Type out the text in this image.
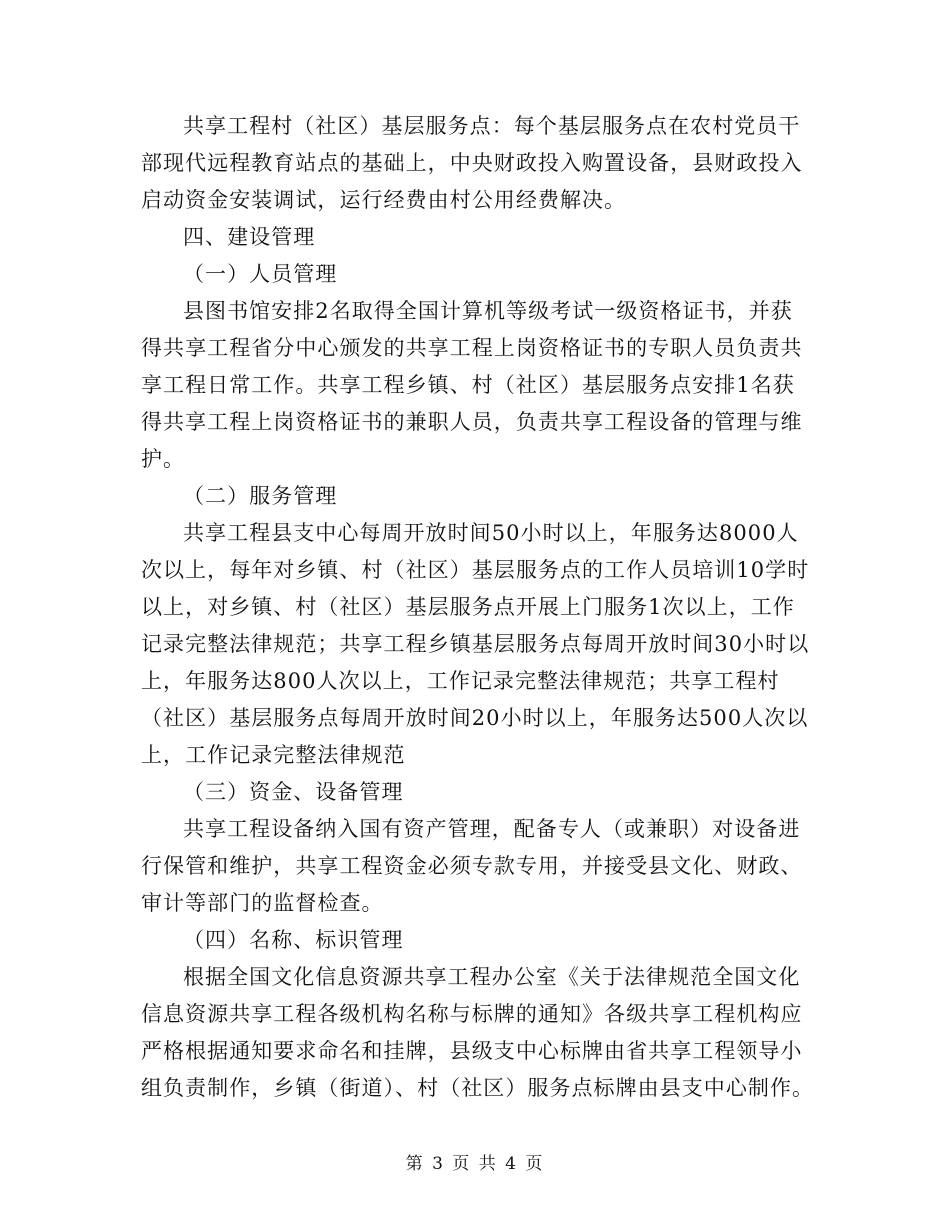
共享工程村（社区）基层服务点：每个基层服务点在农村党员干
部现代远程教育站点的基础上，中央财政投入购置设备，县财政投入
启动资金安装调试，运行经费由村公用经费解决。
四、建设管理
（一）人员管理
县图书馆安排2名取得全国计算机等级考试一级资格证书，并获
得共享工程省分中心颁发的共享工程上岗资格证书的专职人员负责共
享工程日常工作。共享工程乡镇、村（社区）基层服务点安排1名获
得共享工程上岗资格证书的兼职人员，负责共享工程设备的管理与维
护。
（二）服务管理
共享工程县支中心每周开放时间50小时以上，年服务达8000人
次以上，每年对乡镇、村（社区）基层服务点的工作人员培训10学时
以上，对乡镇、村（社区）基层服务点开展上门服务1次以上，工作
记录完整法律规范；共享工程乡镇基层服务点每周开放时间30小时以
上，年服务达800人次以上，工作记录完整法律规范；共享工程村
（社区）基层服务点每周开放时间20小时以上，年服务达500人次以
上，工作记录完整法律规范
（三）资金、设备管理
共享工程设备纳入国有资产管理，配备专人（或兼职）对设备进
行保管和维护，共享工程资金必须专款专用，并接受县文化、财政、
审计等部门的监督检查。
（四）名称、标识管理
根据全国文化信息资源共享工程办公室《关于法律规范全国文化
信息资源共享工程各级机构名称与标牌的通知》各级共享工程机构应
严格根据通知要求命名和挂牌，县级支中心标牌由省共享工程领导小
组负责制作，乡镇（街道）、村（社区）服务点标牌由县支中心制作。
第 3 页 共 4 页
